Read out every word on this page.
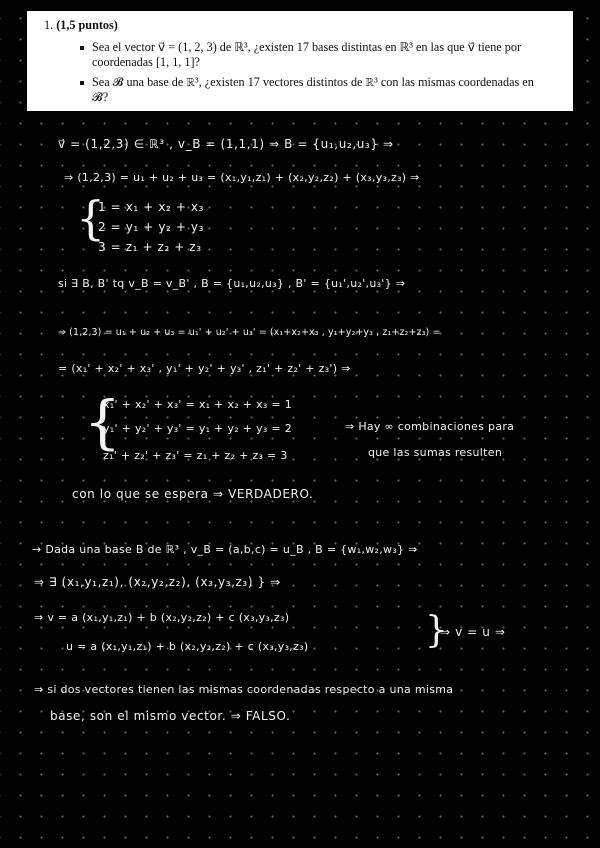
1. (1,5 puntos)

Sea el vector v⃗ = (1, 2, 3) de ℝ³, ¿existen 17 bases distintas en ℝ³ en las que v⃗ tiene por coordenadas [1, 1, 1]?
Sea 𝓑 una base de ℝ³, ¿existen 17 vectores distintos de ℝ³ con las mismas coordenadas en 𝓑?
v⃗ = (1,2,3) ∈ ℝ³ , v_B = (1,1,1) ⇒ B = {u₁,u₂,u₃} ⇒
⇒ (1,2,3) = u₁ + u₂ + u₃ = (x₁,y₁,z₁) + (x₂,y₂,z₂) + (x₃,y₃,z₃) ⇒
{
1 = x₁ + x₂ + x₃
2 = y₁ + y₂ + y₃
3 = z₁ + z₂ + z₃
si ∃ B, B' tq v_B = v_B' , B = {u₁,u₂,u₃} , B' = {u₁',u₂',u₃'} ⇒
⇒ (1,2,3) = u₁ + u₂ + u₃ = u₁' + u₂' + u₃' = (x₁+x₂+x₃ , y₁+y₂+y₃ , z₁+z₂+z₃) =
= (x₁' + x₂' + x₃' , y₁' + y₂' + y₃' , z₁' + z₂' + z₃') ⇒
{
x₁' + x₂' + x₃' = x₁ + x₂ + x₃ = 1
y₁' + y₂' + y₃' = y₁ + y₂ + y₃ = 2
z₁' + z₂' + z₃' = z₁ + z₂ + z₃ = 3
⇒ Hay ∞ combinaciones para
que las sumas resulten
con lo que se espera ⇒ VERDADERO.
→ Dada una base B de ℝ³ , v_B = (a,b,c) = u_B , B = {w₁,w₂,w₃} ⇒
⇒ ∃ (x₁,y₁,z₁), (x₂,y₂,z₂), (x₃,y₃,z₃) } ⇒
⇒ v = a (x₁,y₁,z₁) + b (x₂,y₂,z₂) + c (x₃,y₃,z₃)
u = a (x₁,y₁,z₁) + b (x₂,y₂,z₂) + c (x₃,y₃,z₃)	{
⇒ v = u ⇒
⇒ si dos vectores tienen las mismas coordenadas respecto a una misma
base, son el mismo vector. ⇒ FALSO.
